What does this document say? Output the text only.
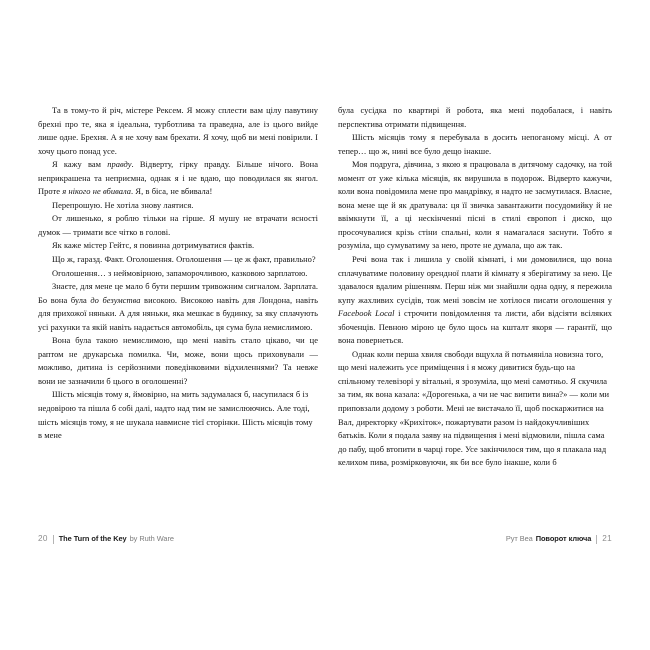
Та в тому-то й річ, містере Рексем. Я можу сплести вам цілу павутину брехні про те, яка я ідеальна, турботлива та праведна, але із цього вийде лише одне. Брехня. А я не хочу вам брехати. Я хочу, щоб ви мені повірили. І хочу цього понад усе.

Я кажу вам правду. Відверту, гірку правду. Більше нічого. Вона неприкрашена та неприємна, однак я і не вдаю, що поводилася як янгол. Проте я нікого не вбивала. Я, в біса, не вбивала!

Перепрошую. Не хотіла знову лаятися.

От лишенько, я роблю тільки на гірше. Я мушу не втрачати ясності думок — тримати все чітко в голові.

Як каже містер Гейтс, я повинна дотримуватися фактів.

Що ж, гаразд. Факт. Оголошення. Оголошення — це ж факт, правильно?

Оголошення… з неймовірною, запаморочливою, казковою зарплатою.

Знаєте, для мене це мало б бути першим тривожним сигналом. Зарплата. Бо вона була до безумства високою. Високою навіть для Лондона, навіть для прихожої няньки. А для няньки, яка мешкає в будинку, за яку сплачують усі рахунки та якій навіть надається автомобіль, ця сума була немислимою.

Вона була такою немислимою, що мені навіть стало цікаво, чи це раптом не друкарська помилка. Чи, може, вони щось приховували — можливо, дитина із серйозними поведінковими відхиленнями? Та невже вони не зазначили б цього в оголошенні?

Шість місяців тому я, ймовірно, на мить задумалася б, насупилася б із недовірою та пішла б собі далі, надто над тим не замислюючись. Але тоді, шість місяців тому, я не шукала навмисне тієї сторінки. Шість місяців тому в мене

була сусідка по квартирі й робота, яка мені подобалася, і навіть перспектива отримати підвищення.

Шість місяців тому я перебувала в досить непоганому місці. А от тепер… що ж, нині все було дещо інакше.

Моя подруга, дівчина, з якою я працювала в дитячому садочку, на той момент от уже кілька місяців, як вирушила в подорож. Відверто кажучи, коли вона повідомила мене про мандрівку, я надто не засмутилася. Власне, вона мене ще й як дратувала: ця її звичка завантажити посудомийку й не ввімкнути її, а ці нескінченні пісні в стилі європоп і диско, що просочувалися крізь стіни спальні, коли я намагалася заснути. Тобто я розуміла, що сумуватиму за нею, проте не думала, що аж так.

Речі вона так і лишила у своїй кімнаті, і ми домовилися, що вона сплачуватиме половину орендної плати й кімнату я зберігатиму за нею. Це здавалося вдалим рішенням. Перш ніж ми знайшли одна одну, я пережила купу жахливих сусідів, тож мені зовсім не хотілося писати оголошення у Facebook Local і строчити повідомлення та листи, аби відсіяти всіляких збоченців. Певною мірою це було щось на кшталт якоря — гарантії, що вона повернеться.

Однак коли перша хвиля свободи вщухла й потьмяніла новизна того, що мені належить усе приміщення і я можу дивитися будь-що на спільному телевізорі у вітальні, я зрозуміла, що мені самотньо. Я скучила за тим, як вона казала: «Дорогенька, а чи не час випити вина?» — коли ми приповзали додому з роботи. Мені не вистачало її, щоб поскаржитися на Вал, директорку «Крихіток», пожартувати разом із найдокучливіших батьків. Коли я подала заяву на підвищення і мені відмовили, пішла сама до пабу, щоб втопити в чарці горе. Усе закінчилося тим, що я плакала над келихом пива, розмірковуючи, як би все було інакше, коли б

20 The Turn of the Key by Ruth Ware	Рут Веа Поворот ключа 21
